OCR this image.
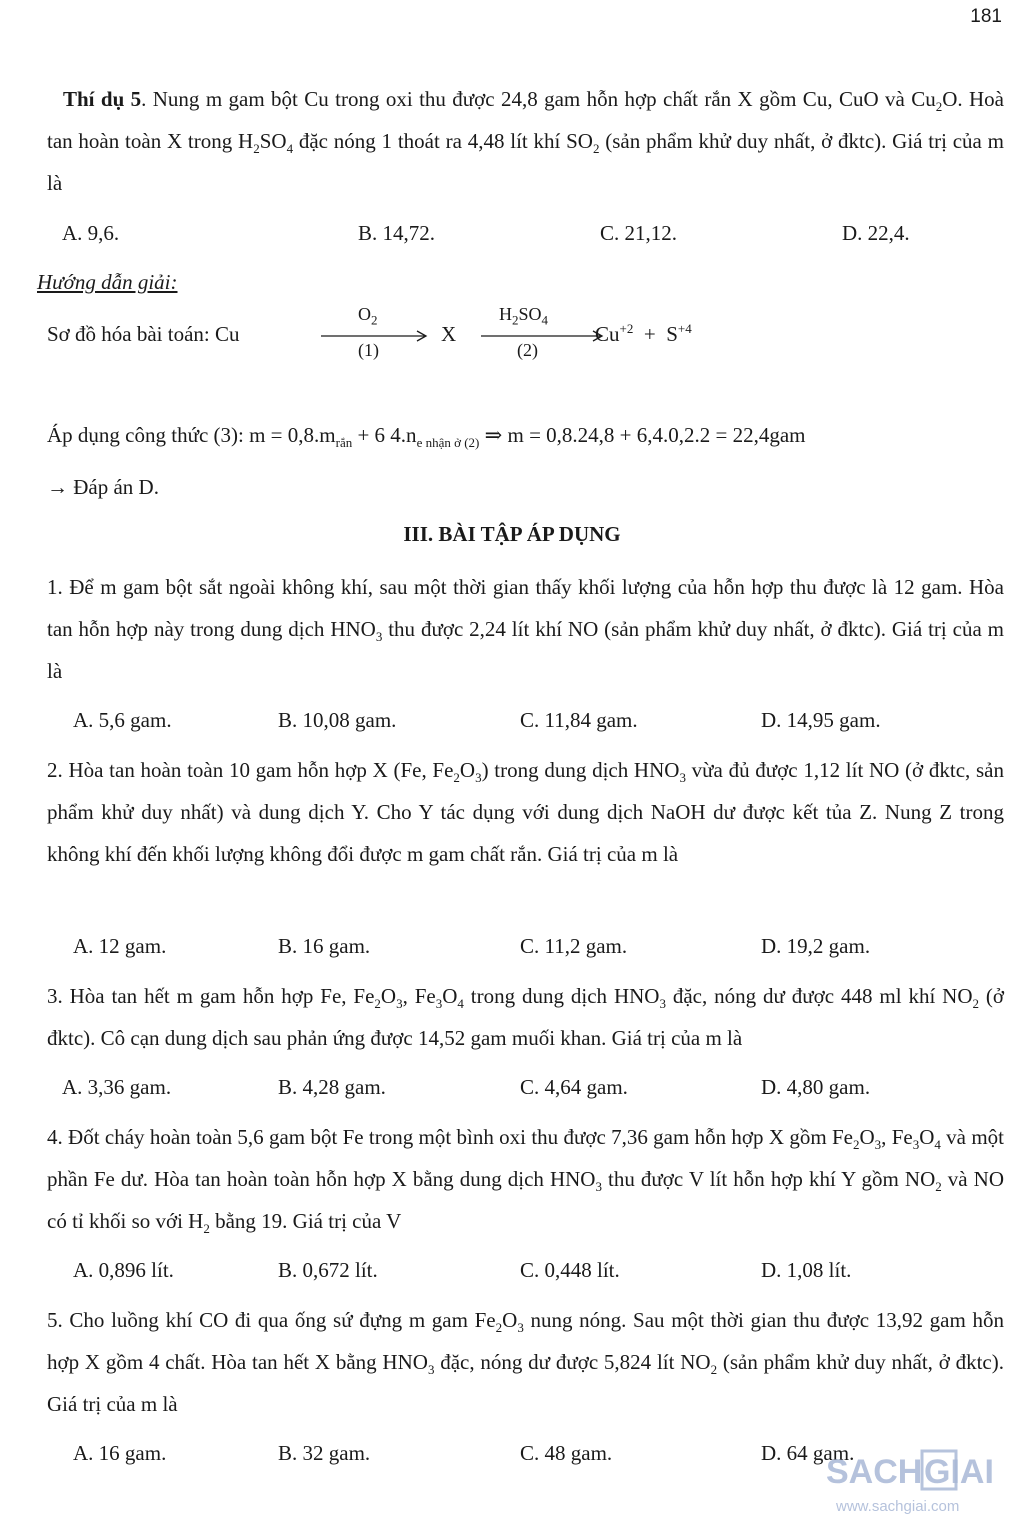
181
Thí dụ 5. Nung m gam bột Cu trong oxi thu được 24,8 gam hỗn hợp chất rắn X gồm Cu, CuO và $Cu_2O$. Hoà tan hoàn toàn X trong $H_2SO_4$ đặc nóng 1 thoát ra 4,48 lít khí $SO_2$ (sản phẩm khử duy nhất, ở đktc). Giá trị của m là
A. 9,6.	B. 14,72.	C. 21,12.	D. 22,4.
Hướng dẫn giải:
Sơ đồ hóa bài toán: Cu
$O_2$
(1)
X
$H_2SO_4$
(2)
$Cu^{+2} + S^{+4}$
Áp dụng công thức (3): $m = 0,8.m_{rắn} + 6$ $4.n_{e nhận ở (2)}$ ⇒ m = 0,8.24,8 + 6,4.0,2.2 = 22,4gam
→ Đáp án D.
III. BÀI TẬP ÁP DỤNG
1. Để m gam bột sắt ngoài không khí, sau một thời gian thấy khối lượng của hỗn hợp thu được là 12 gam. Hòa tan hỗn hợp này trong dung dịch $HNO_3$ thu được 2,24 lít khí NO (sản phẩm khử duy nhất, ở đktc). Giá trị của m là
A. 5,6 gam.	B. 10,08 gam.	C. 11,84 gam.	D. 14,95 gam.
2. Hòa tan hoàn toàn 10 gam hỗn hợp X (Fe, $Fe_2O_3$) trong dung dịch $HNO_3$ vừa đủ được 1,12 lít NO (ở đktc, sản phẩm khử duy nhất) và dung dịch Y. Cho Y tác dụng với dung dịch NaOH dư được kết tủa Z. Nung Z trong không khí đến khối lượng không đổi được m gam chất rắn. Giá trị của m là
A. 12 gam.	B. 16 gam.	C. 11,2 gam.	D. 19,2 gam.
3. Hòa tan hết m gam hỗn hợp Fe, $Fe_2O_3$, $Fe_3O_4$ trong dung dịch $HNO_3$ đặc, nóng dư được 448 ml khí $NO_2$ (ở đktc). Cô cạn dung dịch sau phản ứng được 14,52 gam muối khan. Giá trị của m là
A. 3,36 gam.	B. 4,28 gam.	C. 4,64 gam.	D. 4,80 gam.
4. Đốt cháy hoàn toàn 5,6 gam bột Fe trong một bình oxi thu được 7,36 gam hỗn hợp X gồm $Fe_2O_3$, $Fe_3O_4$ và một phần Fe dư. Hòa tan hoàn toàn hỗn hợp X bằng dung dịch $HNO_3$ thu được V lít hỗn hợp khí Y gồm $NO_2$ và NO có tỉ khối so với $H_2$ bằng 19. Giá trị của V
A. 0,896 lít.	B. 0,672 lít.	C. 0,448 lít.	D. 1,08 lít.
5. Cho luồng khí CO đi qua ống sứ đựng m gam $Fe_2O_3$ nung nóng. Sau một thời gian thu được 13,92 gam hỗn hợp X gồm 4 chất. Hòa tan hết X bằng $HNO_3$ đặc, nóng dư được 5,824 lít $NO_2$ (sản phẩm khử duy nhất, ở đktc). Giá trị của m là
A. 16 gam.	B. 32 gam.	C. 48 gam.	D. 64 gam.
SACH GIAI
www.sachgiai.com
